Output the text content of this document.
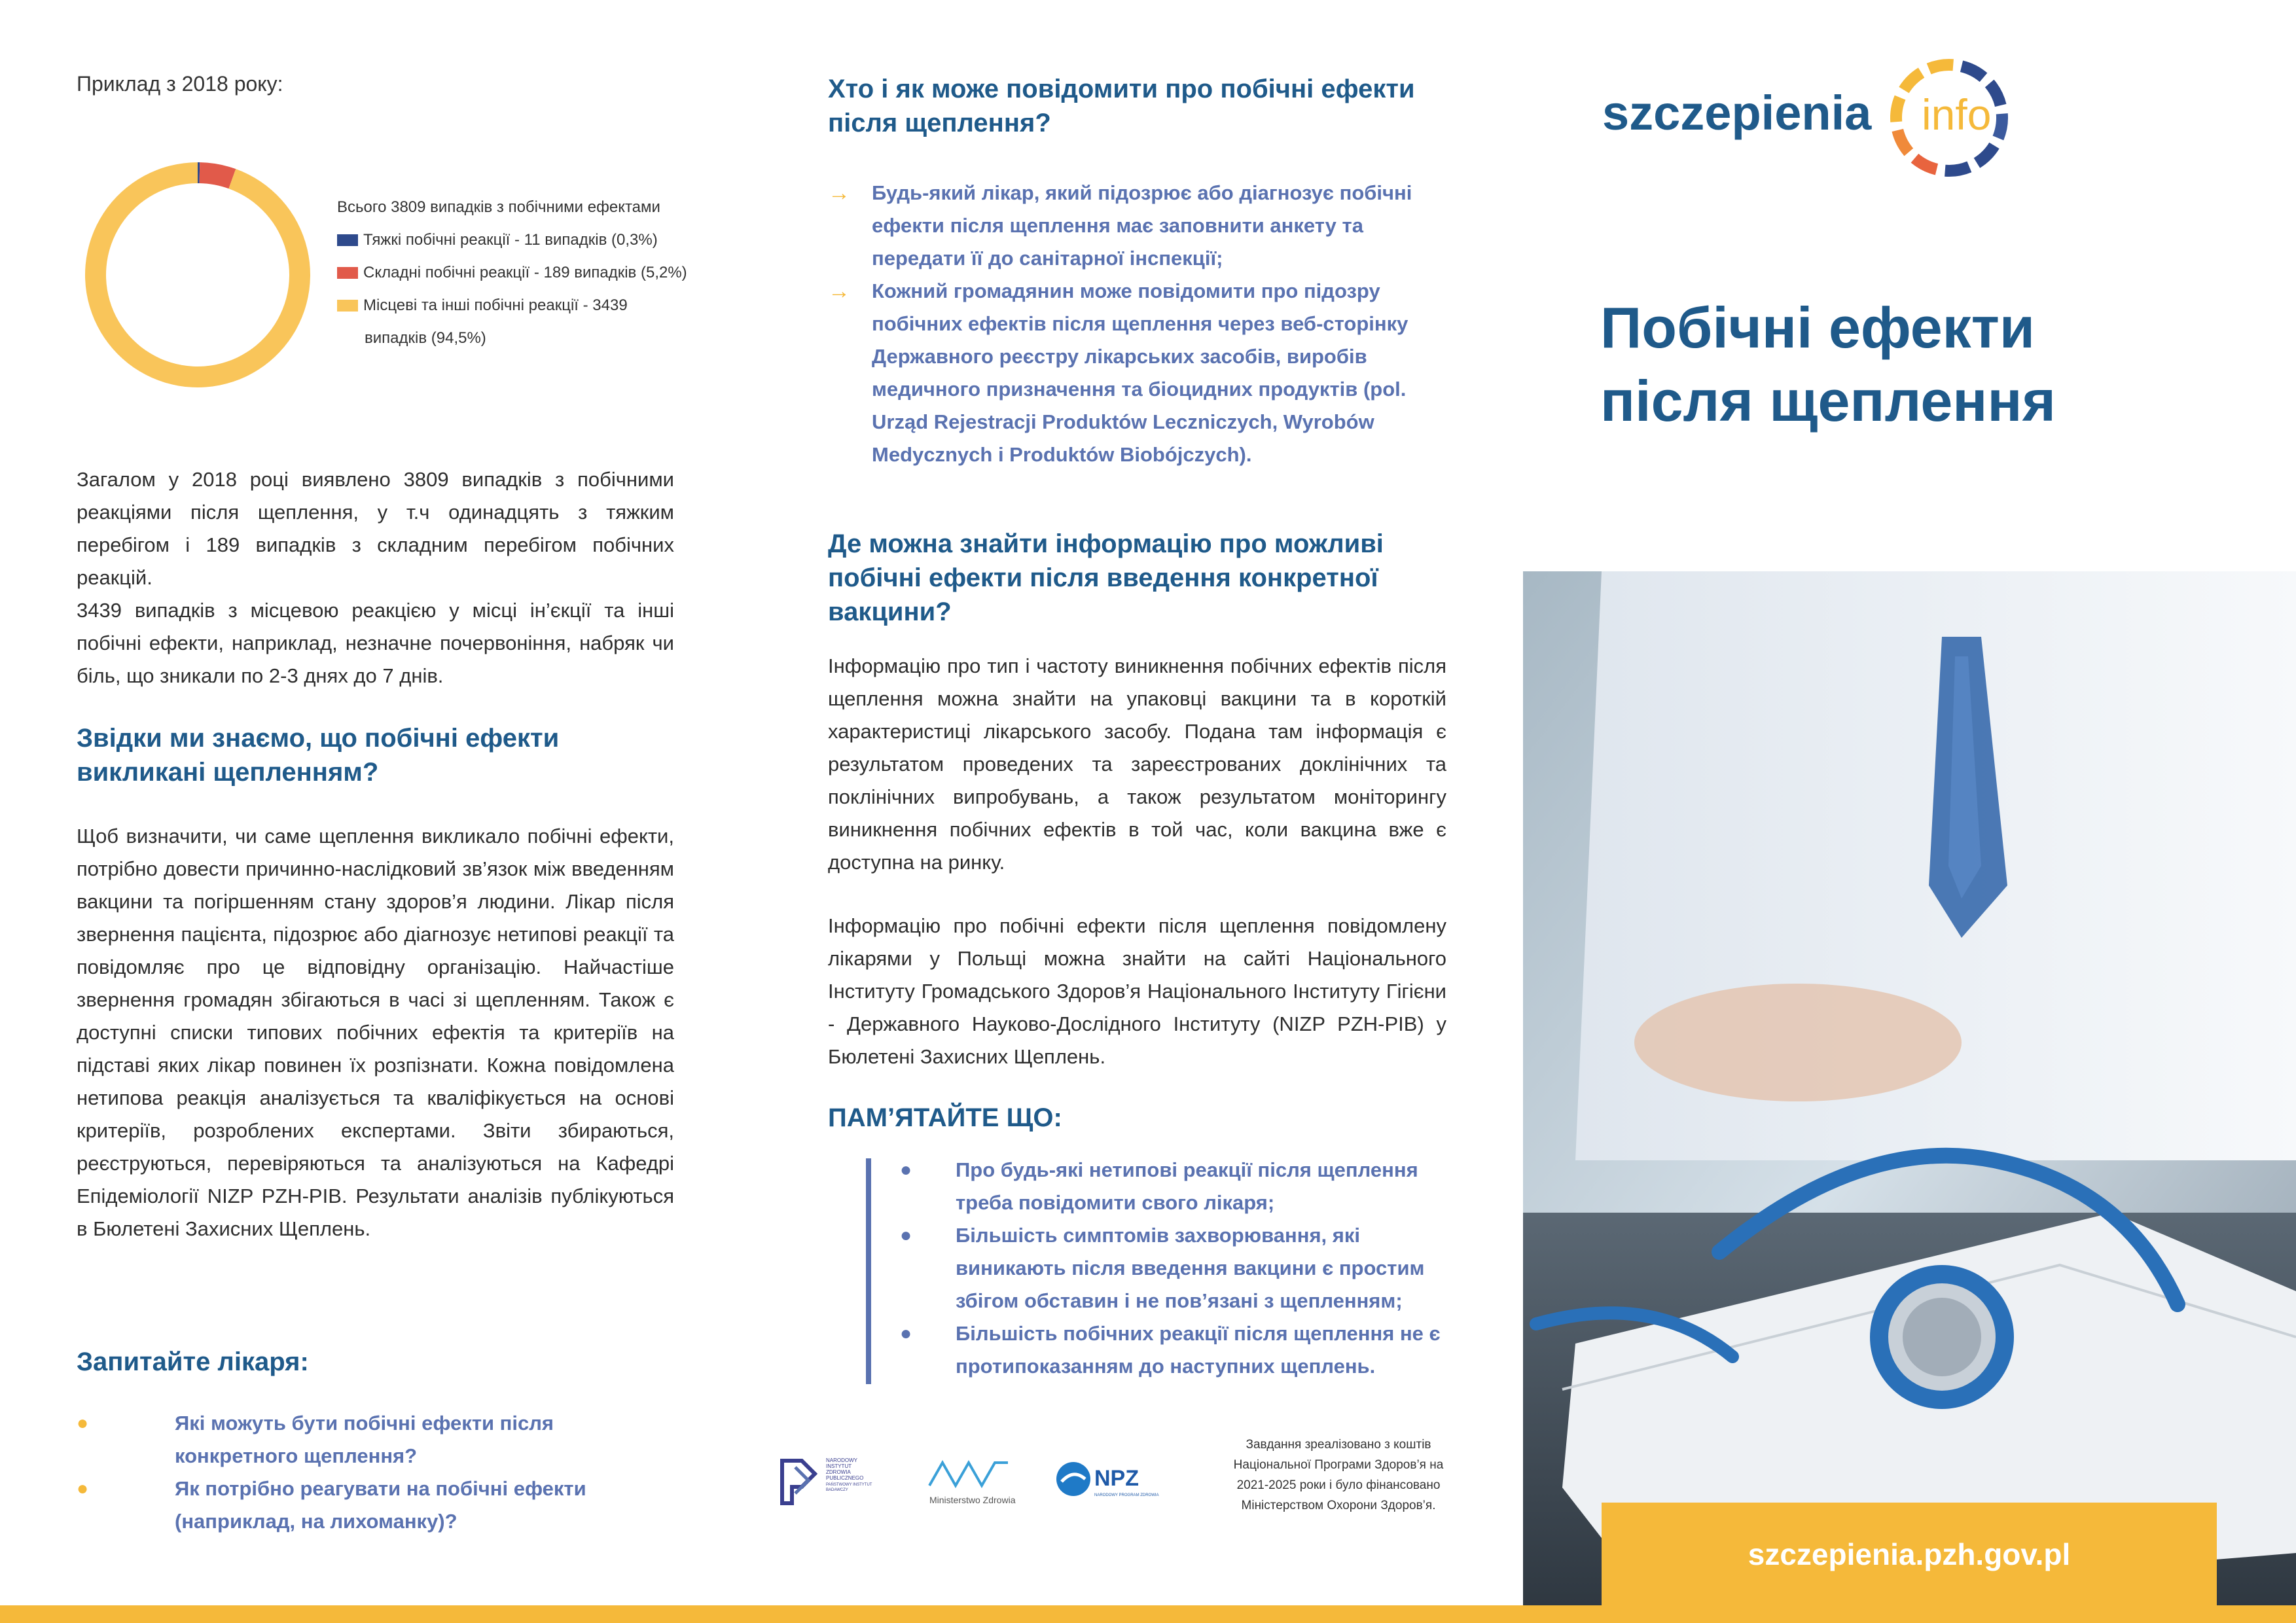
Приклад з 2018 року:
Всього 3809 випадків з побічними ефектами
Тяжкі побічні реакції - 11 випадків (0,3%)
Складні побічні реакції - 189 випадків (5,2%)
Місцеві та інші побічні реакції - 3439
випадків (94,5%)
Загалом у 2018 році виявлено 3809 випадків з побічними реакціями після щеплення, у т.ч одинадцять з тяжким перебігом і 189 випадків з складним перебігом побічних реакцій.
3439 випадків з місцевою реакцією у місці ін’єкції та інші побічні ефекти, наприклад, незначне почервоніння, набряк чи біль, що зникали по 2-3 днях до 7 днів.
Звідки ми знаємо, що побічні ефекти викликані щепленням?
Щоб визначити, чи саме щеплення викликало побічні ефекти, потрібно довести причинно-наслідковий зв’язок між введенням вакцини та погіршенням стану здоров’я людини. Лікар після звернення пацієнта, підозрює або діагнозує нетипові реакції та повідомляє про це відповідну організацію. Найчастіше звернення громадян збігаються в часі зі щепленням. Також є доступні списки типових побічних ефектія та критеріїв на підставі яких лікар повинен їх розпізнати. Кожна повідомлена нетипова реакція аналізується та кваліфікується на основі критеріїв, розроблених експертами. Звіти збираються, реєструються, перевіряються та аналізуються на Кафедрі Епідеміології NIZP PZH-PIB. Результати аналізів публікуються в Бюлетені Захисних Щеплень.
Запитайте лікаря:
●	Які можуть бути побічні ефекти після конкретного щеплення?
●	Як потрібно реагувати на побічні ефекти (наприклад, на лихоманку)?
Хто і як може повідомити про побічні ефекти після щеплення?
→	Будь-який лікар, який підозрює або діагнозує побічні ефекти після щеплення має заповнити анкету та передати її до санітарної інспекції;
→	Кожний громадянин може повідомити про підозру побічних ефектів після щеплення через веб-сторінку Державного реєстру лікарських засобів, виробів медичного призначення та біоцидних продуктів (pol. Urząd Rejestracji Produktów Leczniczych, Wyrobów Medycznych i Produktów Biobójczych).
Де можна знайти інформацію про можливі побічні ефекти після введення конкретної вакцини?
Інформацію про тип і частоту виникнення побічних ефектів після щеплення можна знайти на упаковці вакцини та в короткій характеристиці лікарського засобу. Подана там інформація є результатом проведених та зареєстрованих доклінічних та поклінічних випробувань, а також результатом моніторингу виникнення побічних ефектів в той час, коли вакцина вже є доступна на ринку.
Інформацію про побічні ефекти після щеплення повідомлену лікарями у Польщі можна знайти на сайті Національного Інституту Громадського Здоров’я Національного Інституту Гігієни - Державного Науково-Дослідного Інституту (NIZP PZH-PIB) у Бюлетені Захисних Щеплень.
ПАМ’ЯТАЙТЕ ЩО:
●	Про будь-які нетипові реакції після щеплення треба повідомити свого лікаря;
●	Більшість симптомів захворювання, які виникають після введення вакцини є простим збігом обставин і не пов’язані з щепленням;
●	Більшість побічних реакції після щеплення не є протипоказанням до наступних щеплень.
NARODOWY
INSTYTUT
ZDROWIA
PUBLICZNEGO
PAŃSTWOWY INSTYTUT
BADAWCZY
Ministerstwo Zdrowia
NPZ
NARODOWY PROGRAM ZDROWIA
Завдання зреалізовано з коштів Національної Програми Здоров’я на 2021-2025 роки і було фінансовано Міністерством Охорони Здоров’я.
szczepienia info
Побічні ефекти
після щеплення
szczepienia.pzh.gov.pl
